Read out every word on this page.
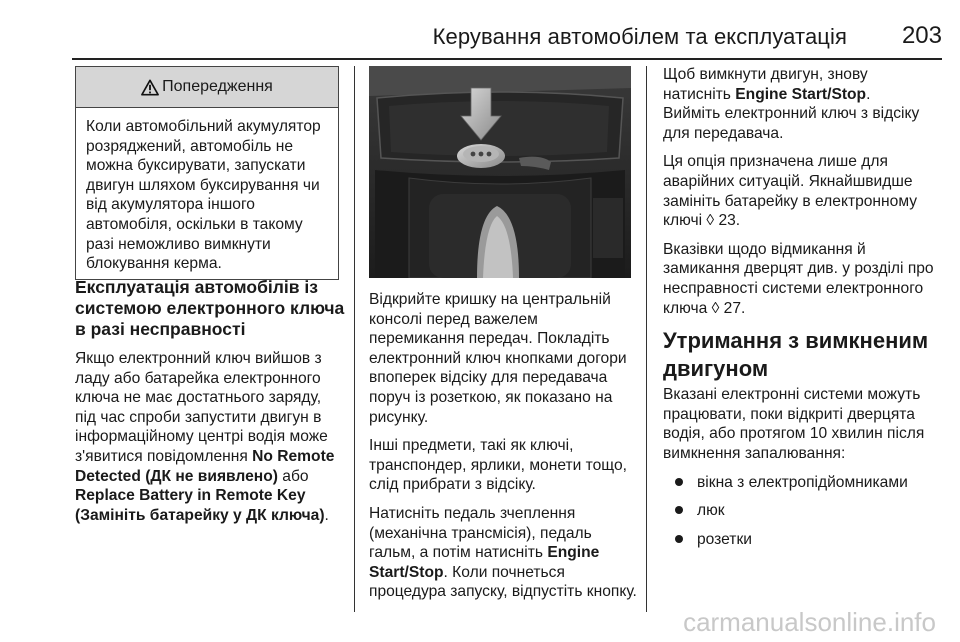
Керування автомобілем та експлуатація 203
Попередження
Коли автомобільний акумулятор розряджений, автомобіль не можна буксирувати, запускати двигун шляхом буксирування чи від акумулятора іншого автомобіля, оскільки в такому разі неможливо вимкнути блокування керма.
Експлуатація автомобілів із системою електронного ключа в разі несправності

Якщо електронний ключ вийшов з ладу або батарейка електронного ключа не має достатнього заряду, під час спроби запустити двигун в інформаційному центрі водія може з'явитися повідомлення No Remote Detected (ДК не виявлено) або Replace Battery in Remote Key (Замініть батарейку у ДК ключа).

Відкрийте кришку на центральній консолі перед важелем перемикання передач. Покладіть електронний ключ кнопками догори впоперек відсіку для передавача поруч із розеткою, як показано на рисунку.

Інші предмети, такі як ключі, транспондер, ярлики, монети тощо, слід прибрати з відсіку.

Натисніть педаль зчеплення (механічна трансмісія), педаль гальм, а потім натисніть Engine Start/Stop. Коли почнеться процедура запуску, відпустіть кнопку.

Щоб вимкнути двигун, знову натисніть Engine Start/Stop.

Вийміть електронний ключ з відсіку для передавача.

Ця опція призначена лише для аварійних ситуацій. Якнайшвидше замініть батарейку в електронному ключі ◊ 23.

Вказівки щодо відмикання й замикання дверцят див. у розділі про несправності системи електронного ключа ◊ 27.

Утримання з вимкненим двигуном

Вказані електронні системи можуть працювати, поки відкриті дверцята водія, або протягом 10 хвилин після вимкнення запалювання:

вікна з електропідйомниками
люк
розетки
carmanualsonline.info
